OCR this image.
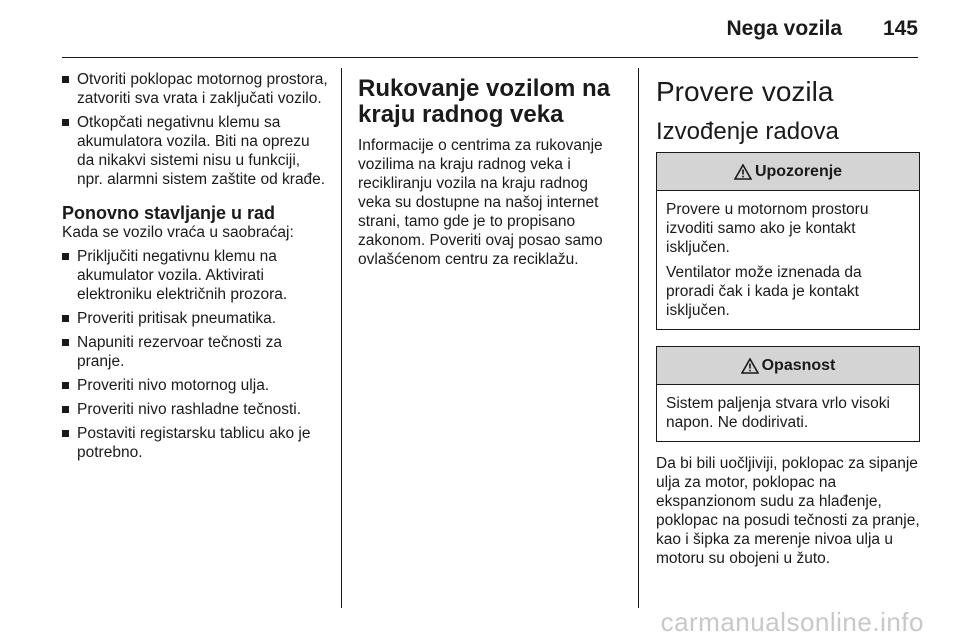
Nega vozila 145
Otvoriti poklopac motornog prostora, zatvoriti sva vrata i zaključati vozilo.
Otkopčati negativnu klemu sa akumulatora vozila. Biti na oprezu da nikakvi sistemi nisu u funkciji, npr. alarmni sistem zaštite od krađe.
Ponovno stavljanje u rad
Kada se vozilo vraća u saobraćaj:
Priključiti negativnu klemu na akumulator vozila. Aktivirati elektroniku električnih prozora.
Proveriti pritisak pneumatika.
Napuniti rezervoar tečnosti za pranje.
Proveriti nivo motornog ulja.
Proveriti nivo rashladne tečnosti.
Postaviti registarsku tablicu ako je potrebno.
Rukovanje vozilom na kraju radnog veka
Informacije o centrima za rukovanje vozilima na kraju radnog veka i recikliranju vozila na kraju radnog veka su dostupne na našoj internet strani, tamo gde je to propisano zakonom. Poveriti ovaj posao samo ovlašćenom centru za reciklažu.
Provere vozila
Izvođenje radova
Upozorenje
Provere u motornom prostoru izvoditi samo ako je kontakt isključen.
Ventilator može iznenada da proradi čak i kada je kontakt isključen.
Opasnost
Sistem paljenja stvara vrlo visoki napon. Ne dodirivati.
Da bi bili uočljiviji, poklopac za sipanje ulja za motor, poklopac na ekspanzionom sudu za hlađenje, poklopac na posudi tečnosti za pranje, kao i šipka za merenje nivoa ulja u motoru su obojeni u žuto.
carmanualsonline.info
